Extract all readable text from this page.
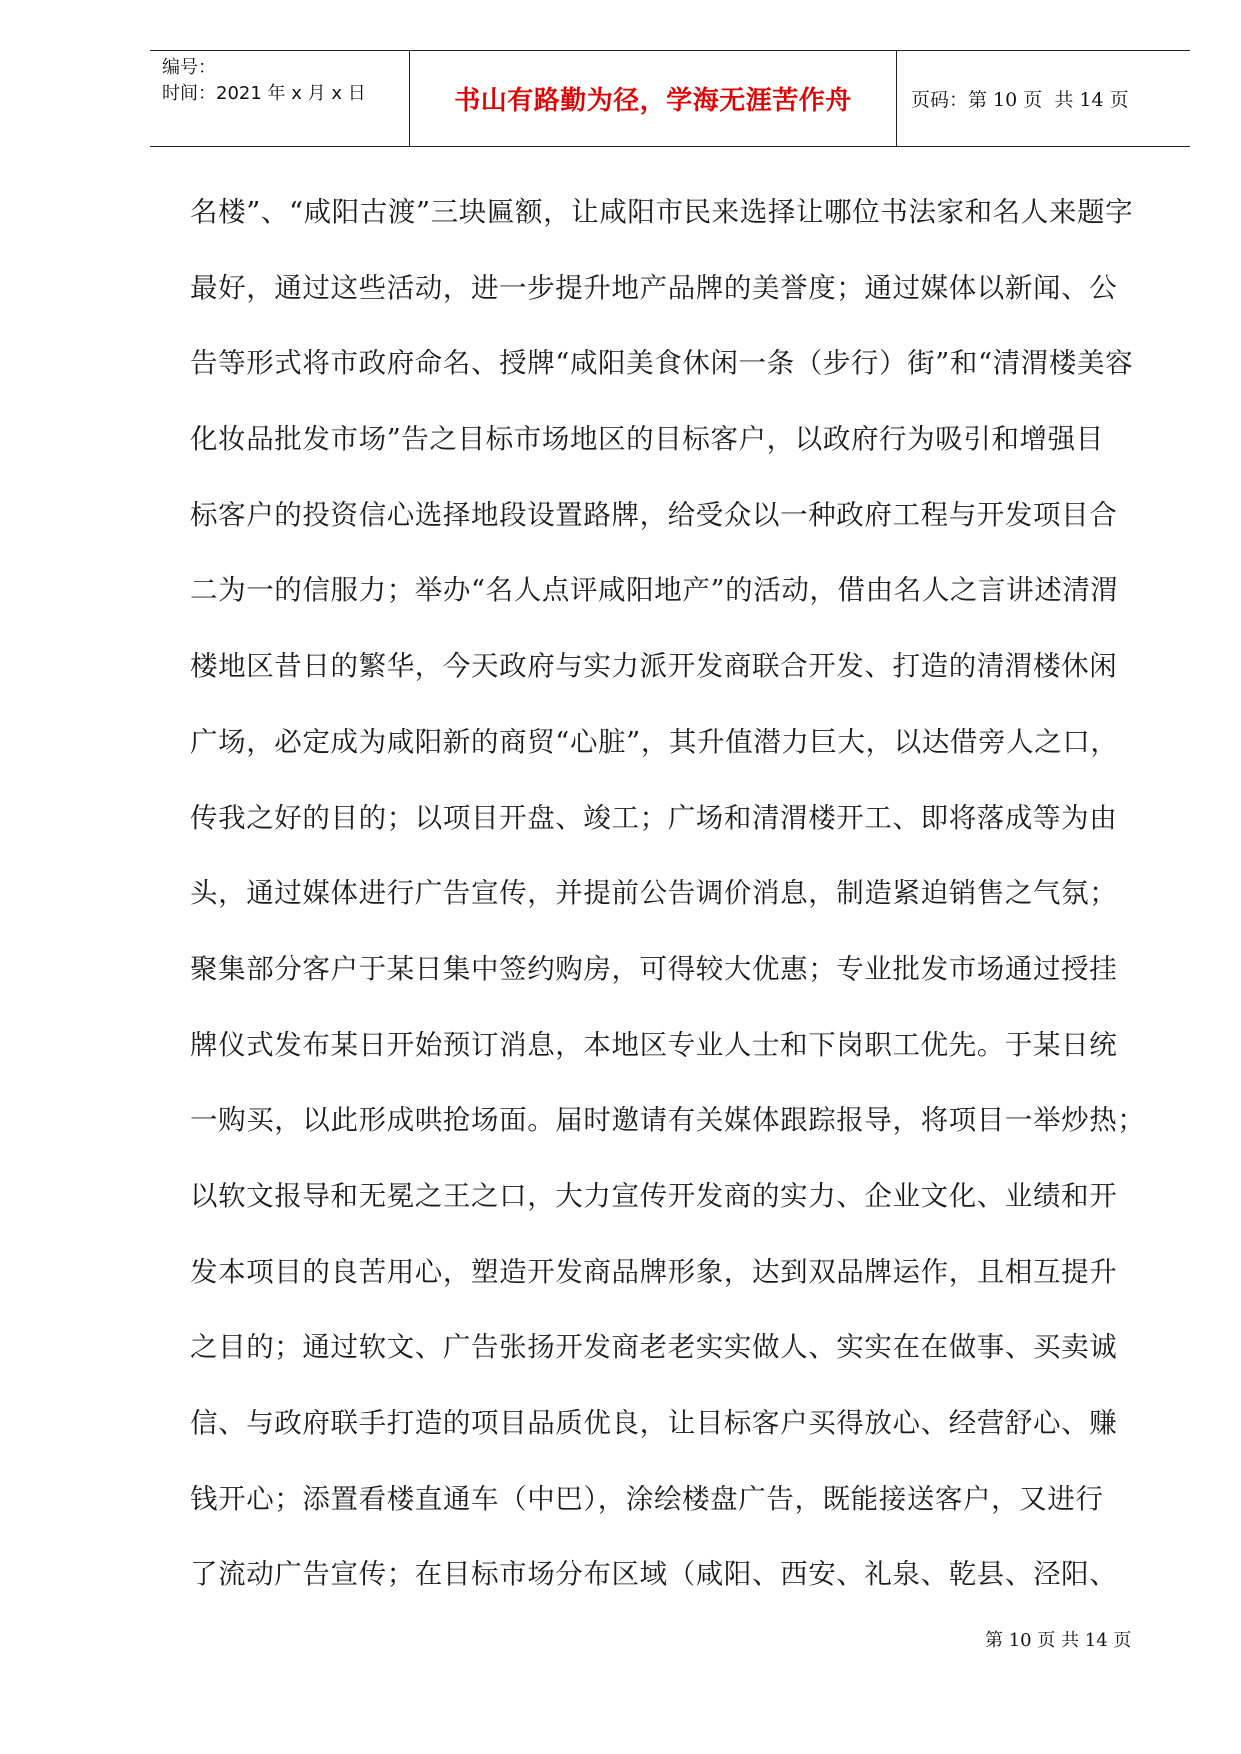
编号：
时间：2021 年 x 月 x 日	书山有路勤为径，学海无涯苦作舟	页码：第 10 页  共 14 页
名楼”、“咸阳古渡”三块匾额，让咸阳市民来选择让哪位书法家和名人来题字
最好，通过这些活动，进一步提升地产品牌的美誉度；通过媒体以新闻、公
告等形式将市政府命名、授牌“咸阳美食休闲一条（步行）街”和“清渭楼美容
化妆品批发市场”告之目标市场地区的目标客户，以政府行为吸引和增强目
标客户的投资信心选择地段设置路牌，给受众以一种政府工程与开发项目合
二为一的信服力；举办“名人点评咸阳地产”的活动，借由名人之言讲述清渭
楼地区昔日的繁华，今天政府与实力派开发商联合开发、打造的清渭楼休闲
广场，必定成为咸阳新的商贸“心脏”，其升值潜力巨大，以达借旁人之口，
传我之好的目的；以项目开盘、竣工；广场和清渭楼开工、即将落成等为由
头，通过媒体进行广告宣传，并提前公告调价消息，制造紧迫销售之气氛；
聚集部分客户于某日集中签约购房，可得较大优惠；专业批发市场通过授挂
牌仪式发布某日开始预订消息，本地区专业人士和下岗职工优先。于某日统
一购买，以此形成哄抢场面。届时邀请有关媒体跟踪报导，将项目一举炒热；
以软文报导和无冕之王之口，大力宣传开发商的实力、企业文化、业绩和开
发本项目的良苦用心，塑造开发商品牌形象，达到双品牌运作，且相互提升
之目的；通过软文、广告张扬开发商老老实实做人、实实在在做事、买卖诚
信、与政府联手打造的项目品质优良，让目标客户买得放心、经营舒心、赚
钱开心；添置看楼直通车（中巴），涂绘楼盘广告，既能接送客户，又进行
了流动广告宣传；在目标市场分布区域（咸阳、西安、礼泉、乾县、泾阳、
第 10 页 共 14 页
